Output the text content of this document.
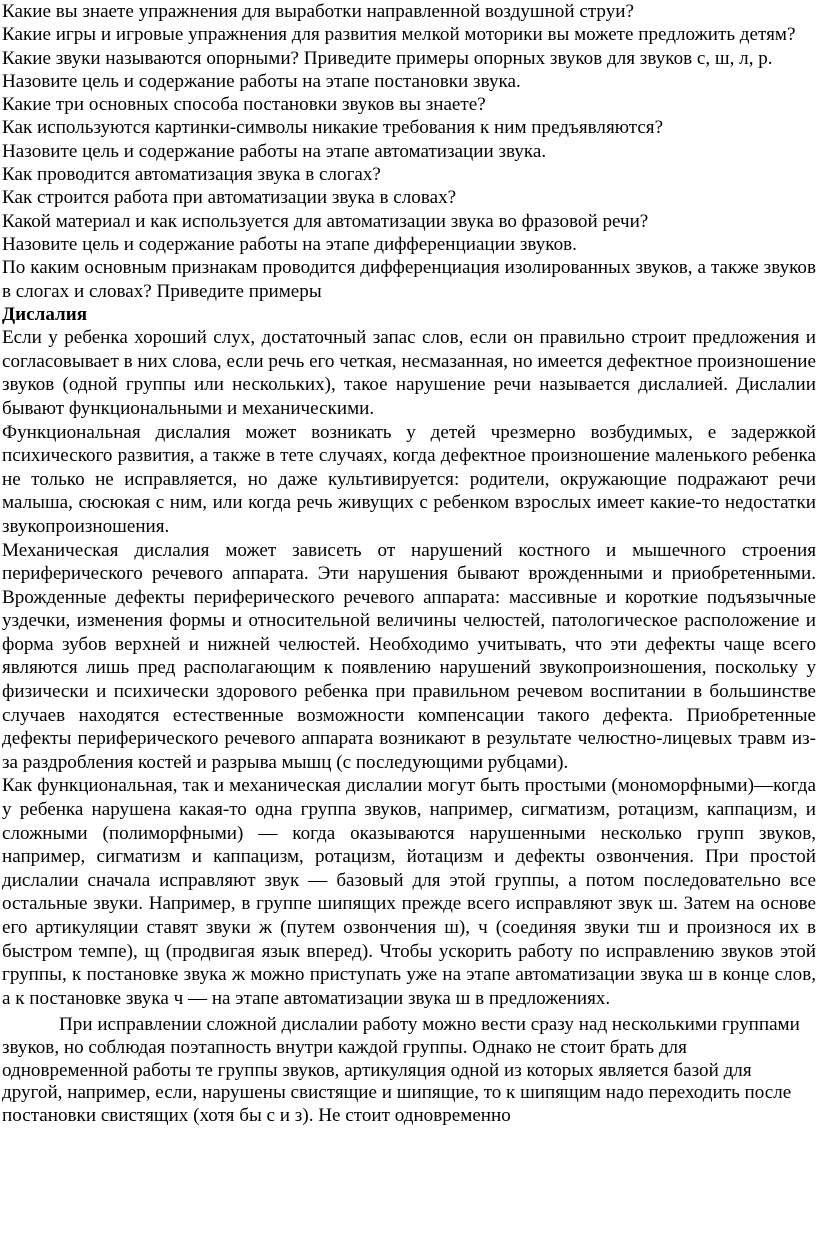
Какие вы знаете упражнения для выработки направленной воздушной струи?

Какие игры и игровые упражнения для развития мелкой моторики вы можете предложить детям?

Какие звуки называются опорными? Приведите примеры опорных звуков для звуков с, ш, л, р.

Назовите цель и содержание работы на этапе постановки звука.

Какие три основных способа постановки звуков вы знаете?

Как используются картинки-символы никакие требования к ним предъявляются?

Назовите цель и содержание работы на этапе автоматизации звука.

Как проводится автоматизация звука в слогах?

Как строится работа при автоматизации звука в словах?

Какой материал и как используется для автоматизации звука во фразовой речи?

Назовите цель и содержание работы на этапе дифференциации звуков.

По каким основным признакам проводится дифференциация изолированных звуков, а также звуков в слогах и словах? Приведите примеры

Дислалия

Если у ребенка хороший слух, достаточный запас слов, если он правильно строит предложения и согласовывает в них слова, если речь его четкая, несмазанная, но имеется дефектное произношение звуков (одной группы или нескольких), такое нарушение речи называется дислалией. Дислалии бывают функциональными и механическими.

Функциональная дислалия может возникать у детей чрезмерно возбудимых, е задержкой психического развития, а также в тете случаях, когда дефектное произношение маленького ребенка не только не исправляется, но даже культивируется: родители, окружающие подражают речи малыша, сюсюкая с ним, или когда речь живущих с ребенком взрослых имеет какие-то недостатки звукопроизношения.

Механическая дислалия может зависеть от нарушений костного и мышечного строения периферического речевого аппарата. Эти нарушения бывают врожденными и приобретенными. Врожденные дефекты периферического речевого аппарата: массивные и короткие подъязычные уздечки, изменения формы и относительной величины челюстей, патологическое расположение и форма зубов верхней и нижней челюстей. Необходимо учитывать, что эти дефекты чаще всего являются лишь пред располагающим к появлению нарушений звукопроизношения, поскольку у физически и психически здорового ребенка при правильном речевом воспитании в большинстве случаев находятся естественные возможности компенсации такого дефекта. Приобретенные дефекты периферического речевого аппарата возникают в результате челюстно-лицевых травм из-за раздробления костей и разрыва мышц (с последующими рубцами).

Как функциональная, так и механическая дислалии могут быть простыми (мономорфными)—когда у ребенка нарушена какая-то одна группа звуков, например, сигматизм, ротацизм, каппацизм, и сложными (полиморфными) — когда оказываются нарушенными несколько групп звуков, например, сигматизм и каппацизм, ротацизм, йотацизм и дефекты озвончения. При простой дислалии сначала исправляют звук — базовый для этой группы, а потом последовательно все остальные звуки. Например, в группе шипящих прежде всего исправляют звук ш. Затем на основе его артикуляции ставят звуки ж (путем озвончения ш), ч (соединяя звуки тш и произнося их в быстром темпе), щ (продвигая язык вперед). Чтобы ускорить работу по исправлению звуков этой группы, к постановке звука ж можно приступать уже на этапе автоматизации звука ш в конце слов, а к постановке звука ч — на этапе автоматизации звука ш в предложениях.

При исправлении сложной дислалии работу можно вести сразу над несколькими группами звуков, но соблюдая поэтапность внутри каждой группы. Однако не стоит брать для одновременной работы те группы звуков, артикуляция одной из которых является базой для другой, например, если, нарушены свистящие и шипящие, то к шипящим надо переходить после постановки свистящих (хотя бы с и з). Не стоит одновременно
